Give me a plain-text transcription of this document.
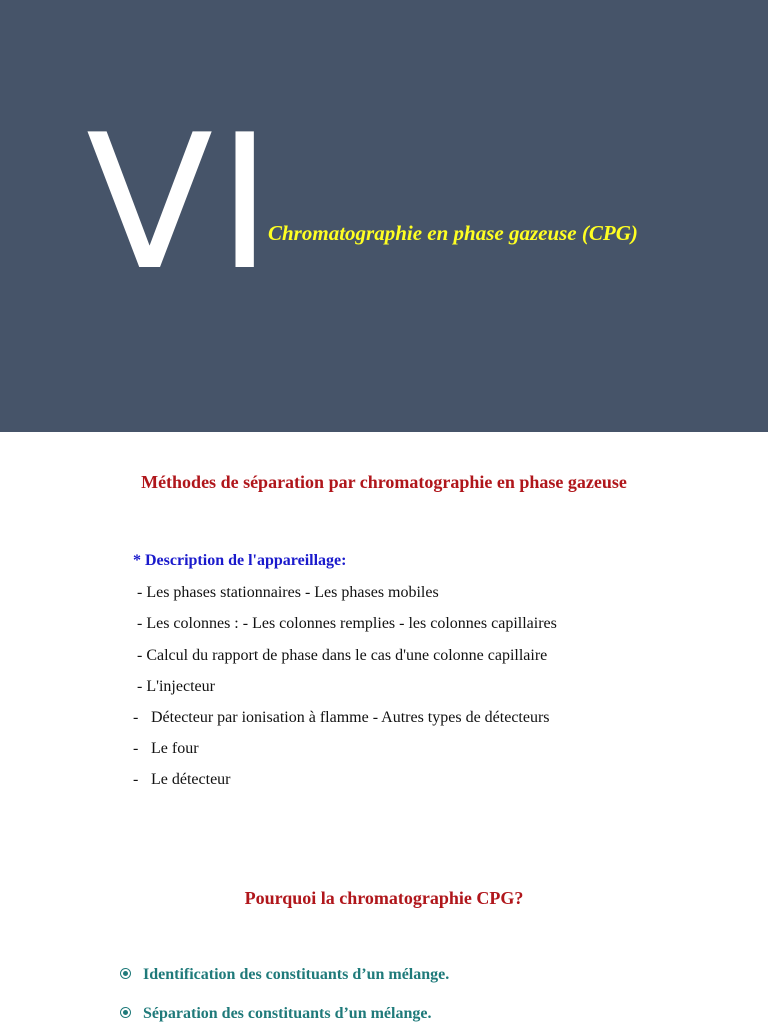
VI
Chromatographie en phase gazeuse (CPG)
Méthodes de séparation par chromatographie en phase gazeuse
* Description de l'appareillage:
- Les phases stationnaires - Les phases mobiles
- Les colonnes : - Les colonnes remplies - les colonnes capillaires
- Calcul du rapport de phase dans le cas d'une colonne capillaire
- L'injecteur
- Détecteur par ionisation à flamme - Autres types de détecteurs
- Le four
- Le détecteur
Pourquoi la chromatographie CPG?
Identification des constituants d’un mélange.
Séparation des constituants d’un mélange.
